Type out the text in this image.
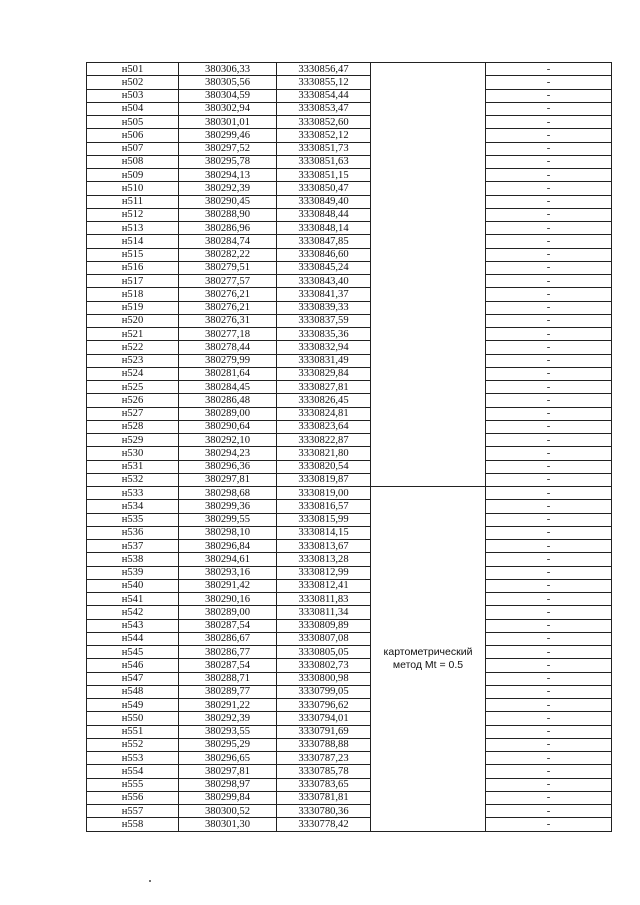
н501	380306,33	3330856,47		-
н502	380305,56	3330855,12		-
н503	380304,59	3330854,44		-
н504	380302,94	3330853,47		-
н505	380301,01	3330852,60		-
н506	380299,46	3330852,12		-
н507	380297,52	3330851,73		-
н508	380295,78	3330851,63		-
н509	380294,13	3330851,15		-
н510	380292,39	3330850,47		-
н511	380290,45	3330849,40		-
н512	380288,90	3330848,44		-
н513	380286,96	3330848,14		-
н514	380284,74	3330847,85		-
н515	380282,22	3330846,60		-
н516	380279,51	3330845,24		-
н517	380277,57	3330843,40		-
н518	380276,21	3330841,37		-
н519	380276,21	3330839,33		-
н520	380276,31	3330837,59		-
н521	380277,18	3330835,36		-
н522	380278,44	3330832,94		-
н523	380279,99	3330831,49		-
н524	380281,64	3330829,84		-
н525	380284,45	3330827,81		-
н526	380286,48	3330826,45		-
н527	380289,00	3330824,81		-
н528	380290,64	3330823,64		-
н529	380292,10	3330822,87		-
н530	380294,23	3330821,80		-
н531	380296,36	3330820,54		-
н532	380297,81	3330819,87		-
н533	380298,68	3330819,00	картометрический метод Mt = 0.5	-
н534	380299,36	3330816,57		-
н535	380299,55	3330815,99		-
н536	380298,10	3330814,15		-
н537	380296,84	3330813,67		-
н538	380294,61	3330813,28		-
н539	380293,16	3330812,99		-
н540	380291,42	3330812,41		-
н541	380290,16	3330811,83		-
н542	380289,00	3330811,34		-
н543	380287,54	3330809,89		-
н544	380286,67	3330807,08		-
н545	380286,77	3330805,05		-
н546	380287,54	3330802,73		-
н547	380288,71	3330800,98		-
н548	380289,77	3330799,05		-
н549	380291,22	3330796,62		-
н550	380292,39	3330794,01		-
н551	380293,55	3330791,69		-
н552	380295,29	3330788,88		-
н553	380296,65	3330787,23		-
н554	380297,81	3330785,78		-
н555	380298,97	3330783,65		-
н556	380299,84	3330781,81		-
н557	380300,52	3330780,36		-
н558	380301,30	3330778,42		-
